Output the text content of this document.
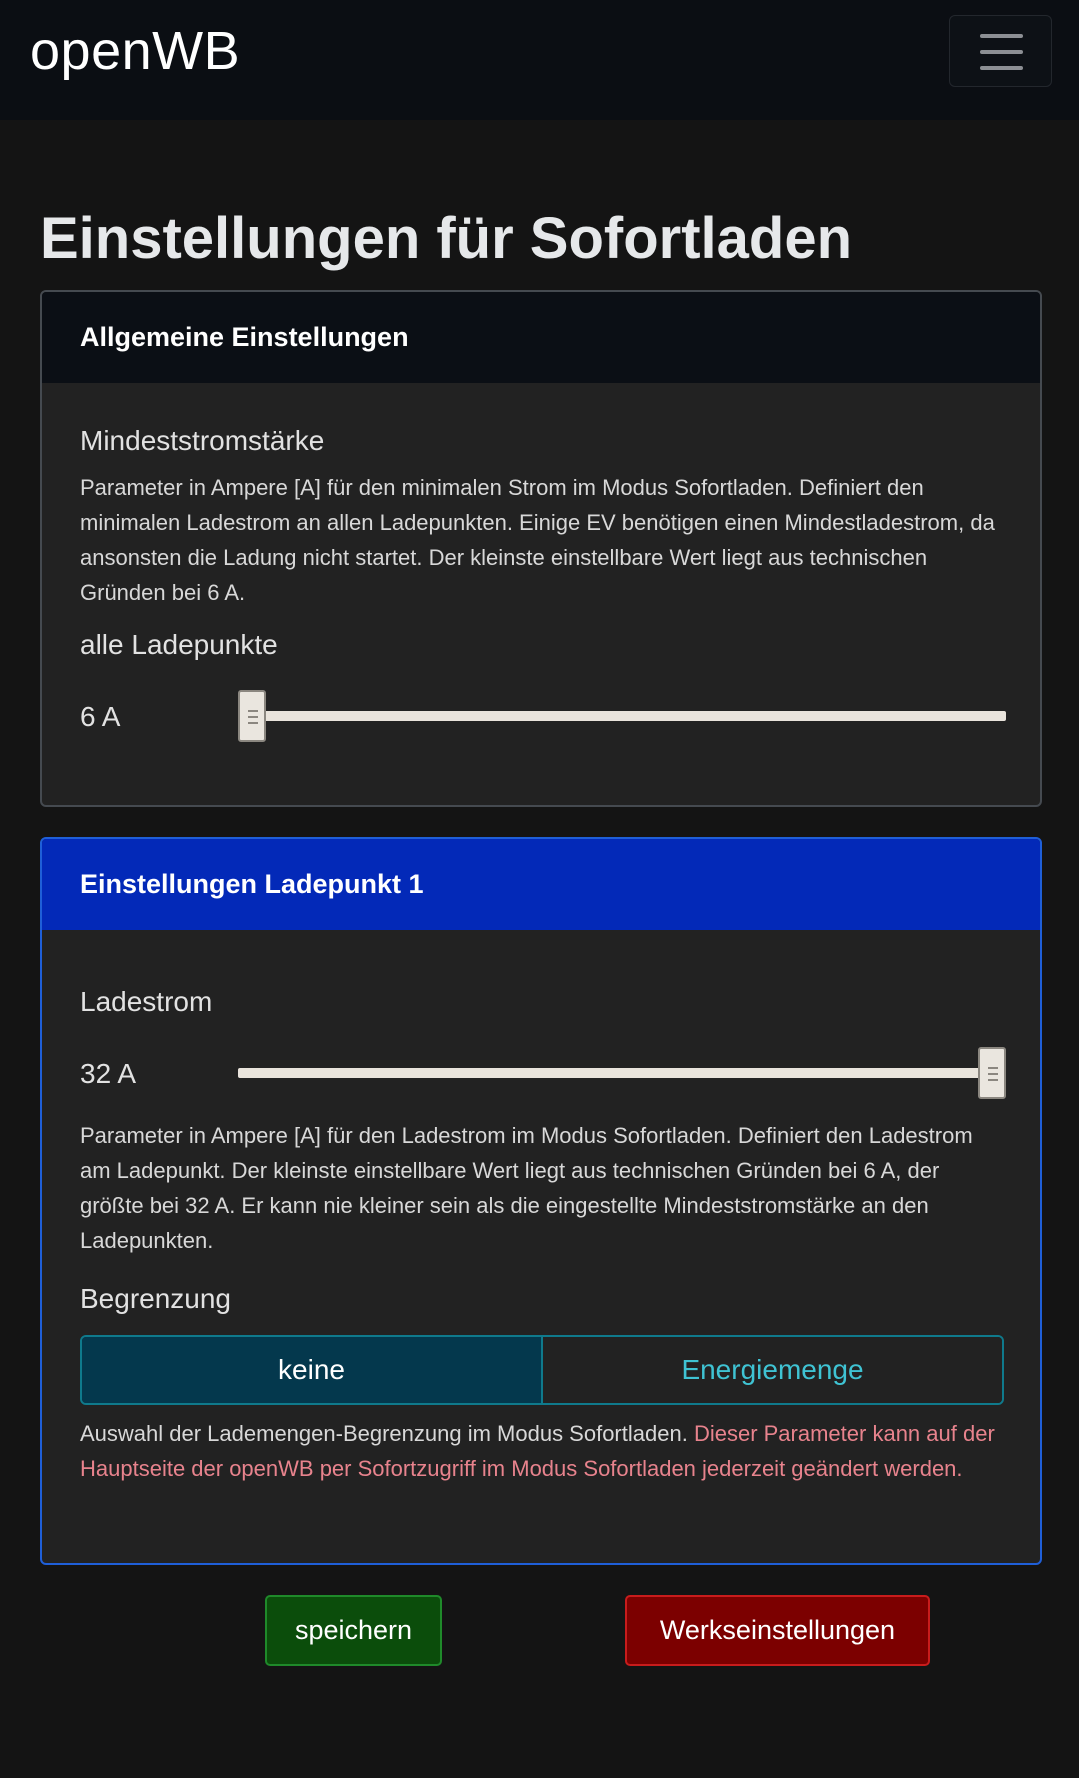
openWB
Einstellungen für Sofortladen
Allgemeine Einstellungen
Mindeststromstärke
Parameter in Ampere [A] für den minimalen Strom im Modus Sofortladen. Definiert den minimalen Ladestrom an allen Ladepunkten. Einige EV benötigen einen Mindestladestrom, da ansonsten die Ladung nicht startet. Der kleinste einstellbare Wert liegt aus technischen Gründen bei 6 A.
alle Ladepunkte
6 A
Einstellungen Ladepunkt 1
Ladestrom
32 A
Parameter in Ampere [A] für den Ladestrom im Modus Sofortladen. Definiert den Ladestrom am Ladepunkt. Der kleinste einstellbare Wert liegt aus technischen Gründen bei 6 A, der größte bei 32 A. Er kann nie kleiner sein als die eingestellte Mindeststromstärke an den Ladepunkten.
Begrenzung
keine	Energiemenge
Auswahl der Lademengen-Begrenzung im Modus Sofortladen. Dieser Parameter kann auf der Hauptseite der openWB per Sofortzugriff im Modus Sofortladen jederzeit geändert werden.
speichern	Werkseinstellungen
